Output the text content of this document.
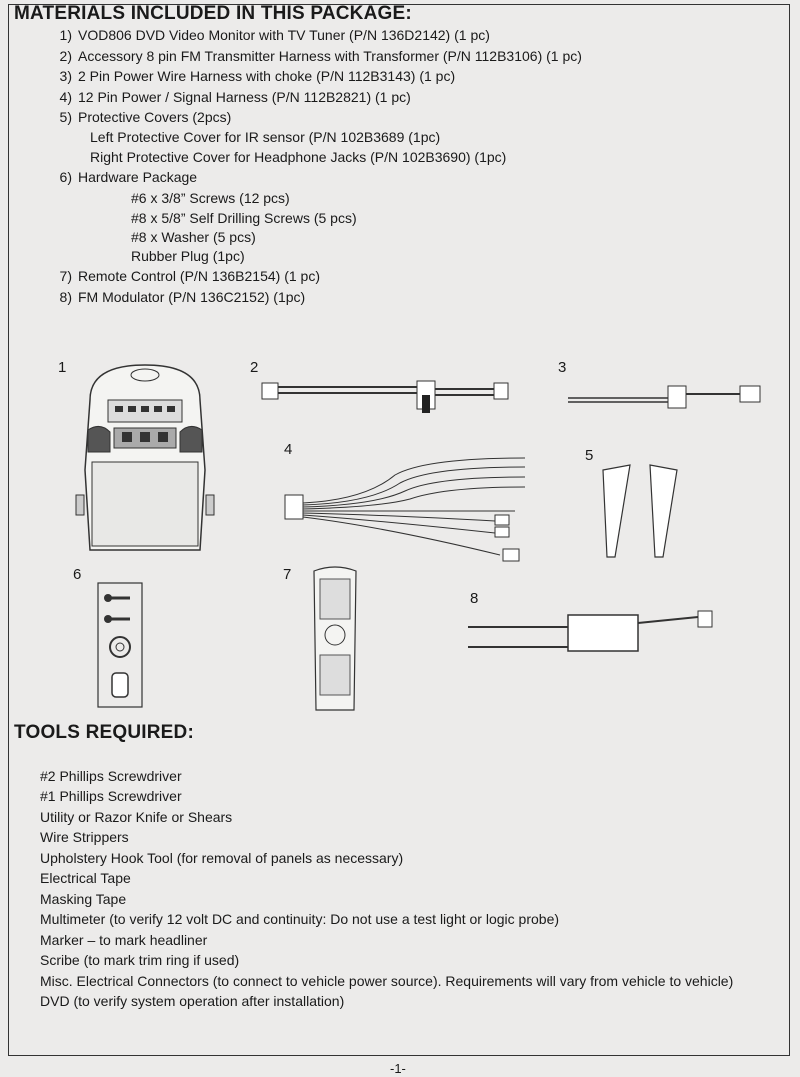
MATERIALS INCLUDED IN THIS PACKAGE:
1) VOD806 DVD Video Monitor with TV Tuner (P/N 136D2142) (1 pc)
2) Accessory 8 pin FM Transmitter Harness with Transformer (P/N 112B3106) (1 pc)
3) 2 Pin Power Wire Harness with choke (P/N 112B3143) (1 pc)
4) 12 Pin Power / Signal Harness (P/N 112B2821) (1 pc)
5) Protective Covers (2pcs)
6) Hardware Package
7) Remote Control (P/N 136B2154) (1 pc)
8) FM Modulator (P/N 136C2152) (1pc)
Left Protective Cover for IR sensor (P/N 102B3689 (1pc)
Right Protective Cover for Headphone Jacks (P/N 102B3690) (1pc)
#6 x 3/8” Screws (12 pcs)
#8 x 5/8” Self Drilling Screws (5 pcs)
#8 x Washer (5 pcs)
Rubber Plug (1pc)
1	2	3
4	5
6	7
8
TOOLS REQUIRED:
#2 Phillips Screwdriver
#1 Phillips Screwdriver
Utility or Razor Knife or Shears
Wire Strippers
Upholstery Hook Tool (for removal of panels as necessary)
Electrical Tape
Masking Tape
Multimeter (to verify 12 volt DC and continuity: Do not use a test light or logic probe)
Marker – to mark headliner
Scribe (to mark trim ring if used)
Misc. Electrical Connectors (to connect to vehicle power source). Requirements will vary from vehicle to vehicle)
DVD (to verify system operation after installation)
-1-
